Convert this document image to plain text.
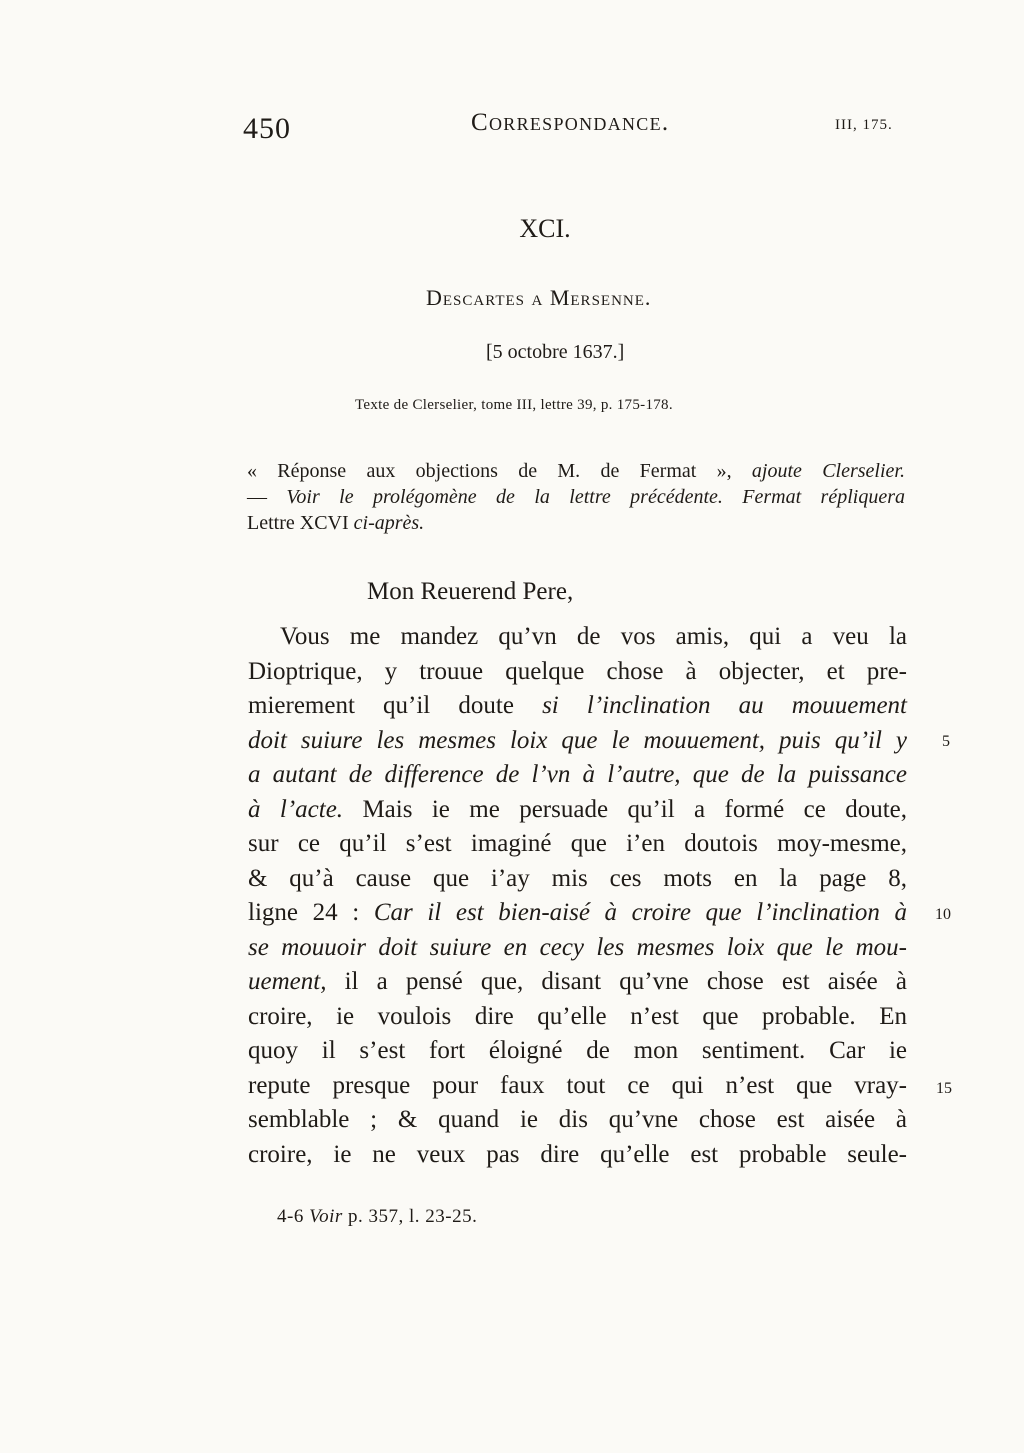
450	Correspondance.	III, 175.
XCI.
Descartes a Mersenne.
[5 octobre 1637.]
Texte de Clerselier, tome III, lettre 39, p. 175-178.
« Réponse aux objections de M. de Fermat », ajoute Clerselier.
— Voir le prolégomène de la lettre précédente. Fermat répliquera
Lettre XCVI ci-après.
Mon Reuerend Pere,
Vous me mandez qu’vn de vos amis, qui a veu la
Dioptrique, y trouue quelque chose à objecter, et pre-
mierement qu’il doute si l’inclination au mouuement
doit suiure les mesmes loix que le mouuement, puis qu’il y
a autant de difference de l’vn à l’autre, que de la puissance
à l’acte. Mais ie me persuade qu’il a formé ce doute,
sur ce qu’il s’est imaginé que i’en doutois moy-mesme,
& qu’à cause que i’ay mis ces mots en la page 8,
ligne 24 : Car il est bien-aisé à croire que l’inclination à
se mouuoir doit suiure en cecy les mesmes loix que le mou-
uement, il a pensé que, disant qu’vne chose est aisée à
croire, ie voulois dire qu’elle n’est que probable. En
quoy il s’est fort éloigné de mon sentiment. Car ie
repute presque pour faux tout ce qui n’est que vray-
semblable ; & quand ie dis qu’vne chose est aisée à
croire, ie ne veux pas dire qu’elle est probable seule-
5
10
15
4-6 Voir p. 357, l. 23-25.
